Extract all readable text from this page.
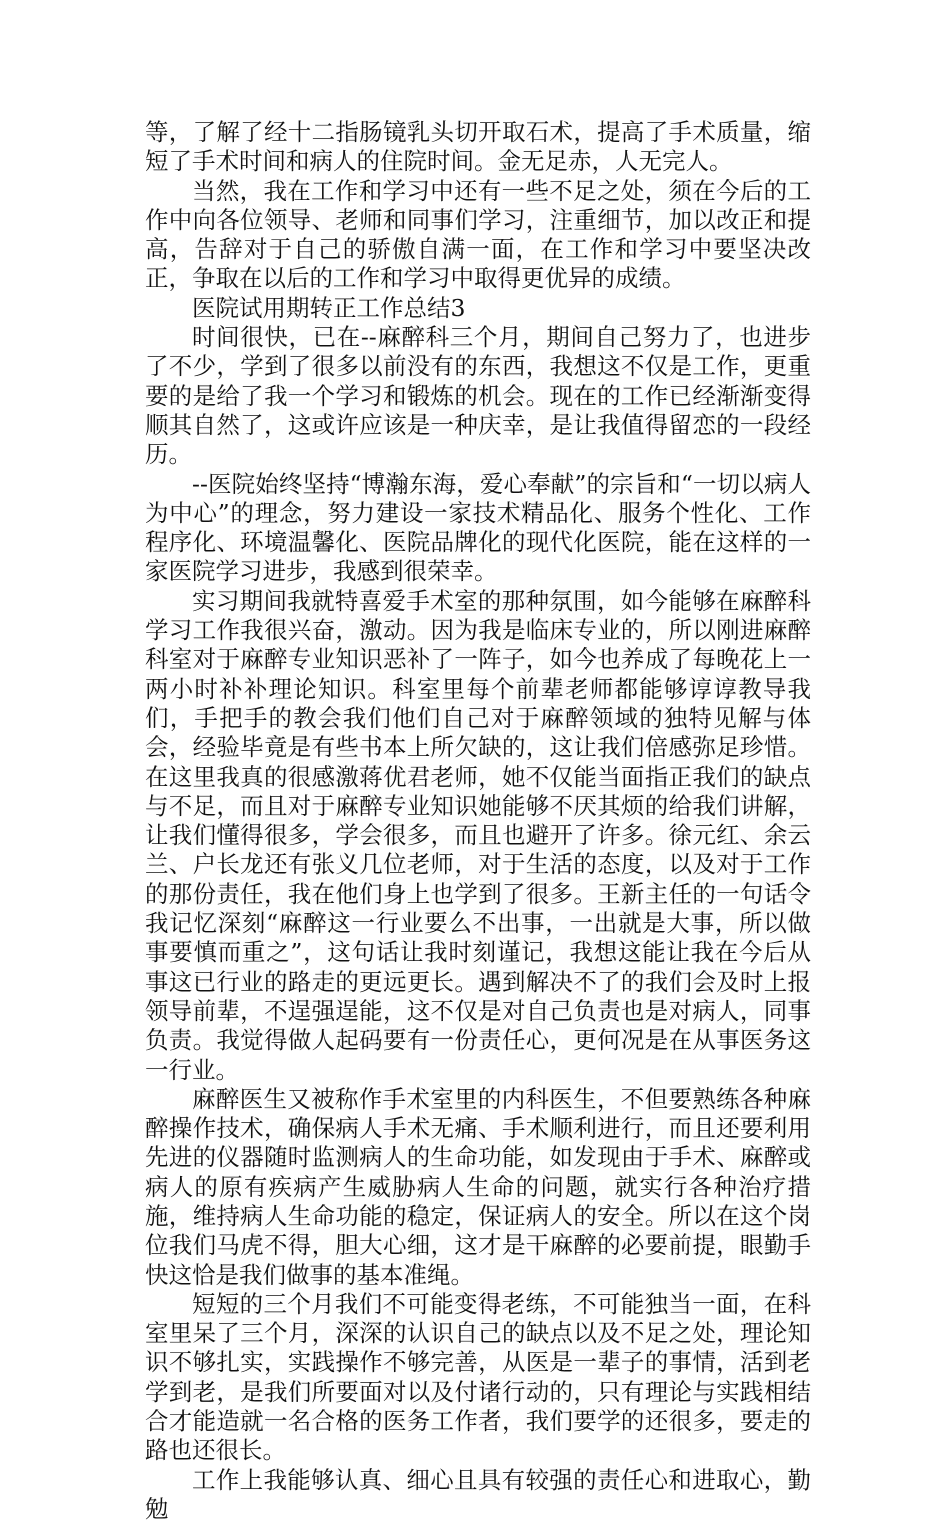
等，了解了经十二指肠镜乳头切开取石术，提高了手术质量，缩短了手术时间和病人的住院时间。金无足赤，人无完人。

当然，我在工作和学习中还有一些不足之处，须在今后的工作中向各位领导、老师和同事们学习，注重细节，加以改正和提高，告辞对于自己的骄傲自满一面，在工作和学习中要坚决改正，争取在以后的工作和学习中取得更优异的成绩。

医院试用期转正工作总结3

时间很快，已在--麻醉科三个月，期间自己努力了，也进步了不少，学到了很多以前没有的东西，我想这不仅是工作，更重要的是给了我一个学习和锻炼的机会。现在的工作已经渐渐变得顺其自然了，这或许应该是一种庆幸，是让我值得留恋的一段经历。

--医院始终坚持“博瀚东海，爱心奉献”的宗旨和“一切以病人为中心”的理念，努力建设一家技术精品化、服务个性化、工作程序化、环境温馨化、医院品牌化的现代化医院，能在这样的一家医院学习进步，我感到很荣幸。

实习期间我就特喜爱手术室的那种氛围，如今能够在麻醉科学习工作我很兴奋，激动。因为我是临床专业的，所以刚进麻醉科室对于麻醉专业知识恶补了一阵子，如今也养成了每晚花上一两小时补补理论知识。科室里每个前辈老师都能够谆谆教导我们，手把手的教会我们他们自己对于麻醉领域的独特见解与体会，经验毕竟是有些书本上所欠缺的，这让我们倍感弥足珍惜。在这里我真的很感激蒋优君老师，她不仅能当面指正我们的缺点与不足，而且对于麻醉专业知识她能够不厌其烦的给我们讲解，让我们懂得很多，学会很多，而且也避开了许多。徐元红、余云兰、户长龙还有张义几位老师，对于生活的态度，以及对于工作的那份责任，我在他们身上也学到了很多。王新主任的一句话令我记忆深刻“麻醉这一行业要么不出事，一出就是大事，所以做事要慎而重之”，这句话让我时刻谨记，我想这能让我在今后从事这已行业的路走的更远更长。遇到解决不了的我们会及时上报领导前辈，不逞强逞能，这不仅是对自己负责也是对病人，同事负责。我觉得做人起码要有一份责任心，更何况是在从事医务这一行业。

麻醉医生又被称作手术室里的内科医生，不但要熟练各种麻醉操作技术，确保病人手术无痛、手术顺利进行，而且还要利用先进的仪器随时监测病人的生命功能，如发现由于手术、麻醉或病人的原有疾病产生威胁病人生命的问题，就实行各种治疗措施，维持病人生命功能的稳定，保证病人的安全。所以在这个岗位我们马虎不得，胆大心细，这才是干麻醉的必要前提，眼勤手快这恰是我们做事的基本准绳。

短短的三个月我们不可能变得老练，不可能独当一面，在科室里呆了三个月，深深的认识自己的缺点以及不足之处，理论知识不够扎实，实践操作不够完善，从医是一辈子的事情，活到老学到老，是我们所要面对以及付诸行动的，只有理论与实践相结合才能造就一名合格的医务工作者，我们要学的还很多，要走的路也还很长。

工作上我能够认真、细心且具有较强的责任心和进取心，勤勉
